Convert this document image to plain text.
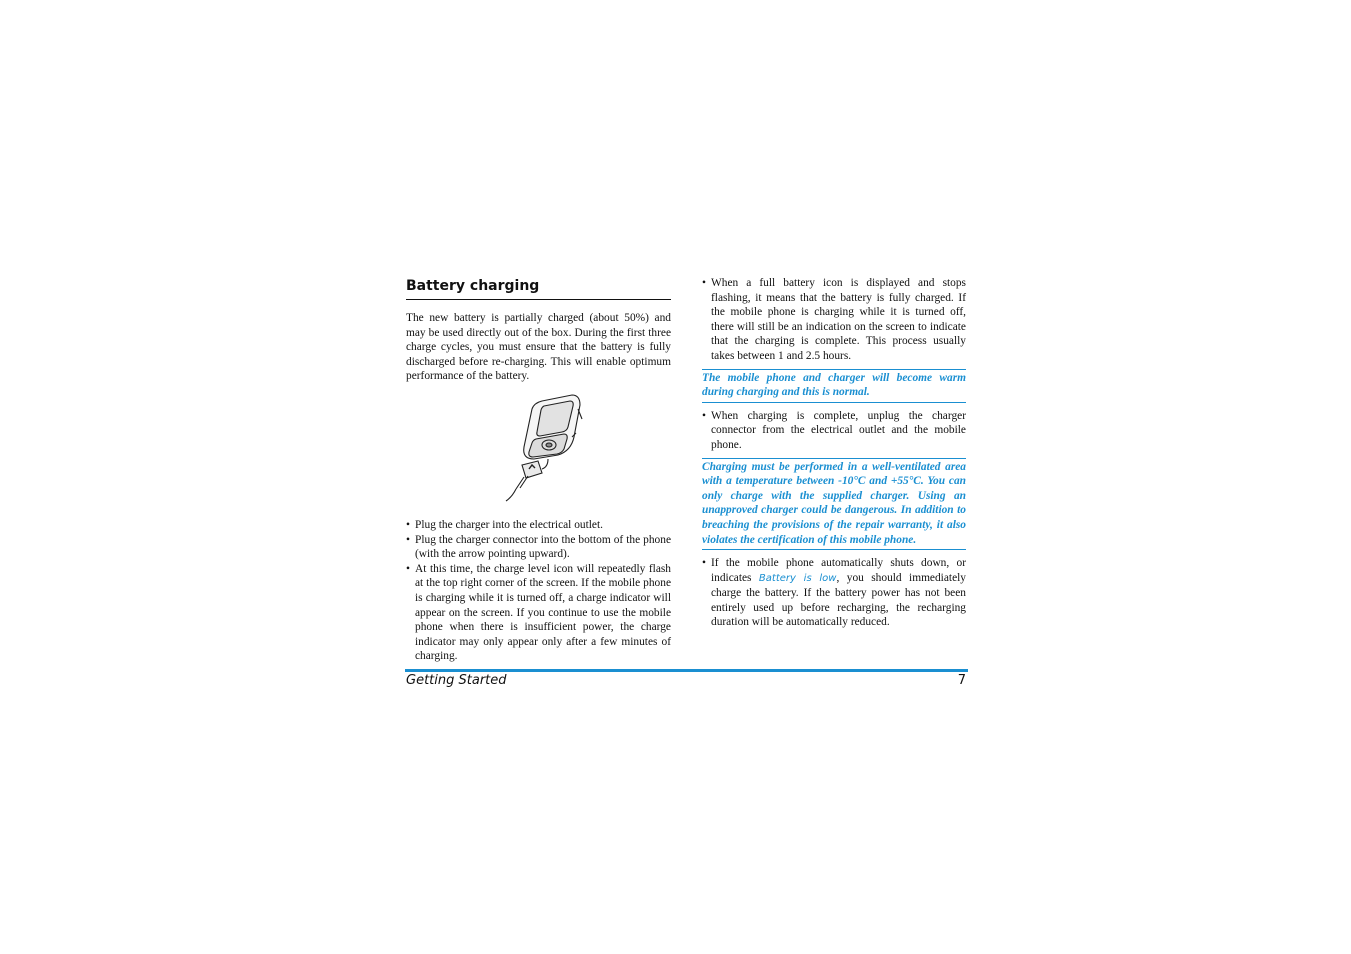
Battery charging

The new battery is partially charged (about 50%) and may be used directly out of the box. During the first three charge cycles, you must ensure that the battery is fully discharged before re-charging. This will enable optimum performance of the battery.

• Plug the charger into the electrical outlet.
• Plug the charger connector into the bottom of the phone (with the arrow pointing upward).
• At this time, the charge level icon will repeatedly flash at the top right corner of the screen. If the mobile phone is charging while it is turned off, a charge indicator will appear on the screen. If you continue to use the mobile phone when there is insufficient power, the charge indicator may only appear only after a few minutes of charging.
• When a full battery icon is displayed and stops flashing, it means that the battery is fully charged. If the mobile phone is charging while it is turned off, there will still be an indication on the screen to indicate that the charging is complete. This process usually takes between 1 and 2.5 hours.
The mobile phone and charger will become warm during charging and this is normal.
• When charging is complete, unplug the charger connector from the electrical outlet and the mobile phone.
Charging must be performed in a well-ventilated area with a temperature between -10°C and +55°C. You can only charge with the supplied charger. Using an unapproved charger could be dangerous. In addition to breaching the provisions of the repair warranty, it also violates the certification of this mobile phone.
• If the mobile phone automatically shuts down, or indicates Battery is low, you should immediately charge the battery. If the battery power has not been entirely used up before recharging, the recharging duration will be automatically reduced.
Getting Started	7
